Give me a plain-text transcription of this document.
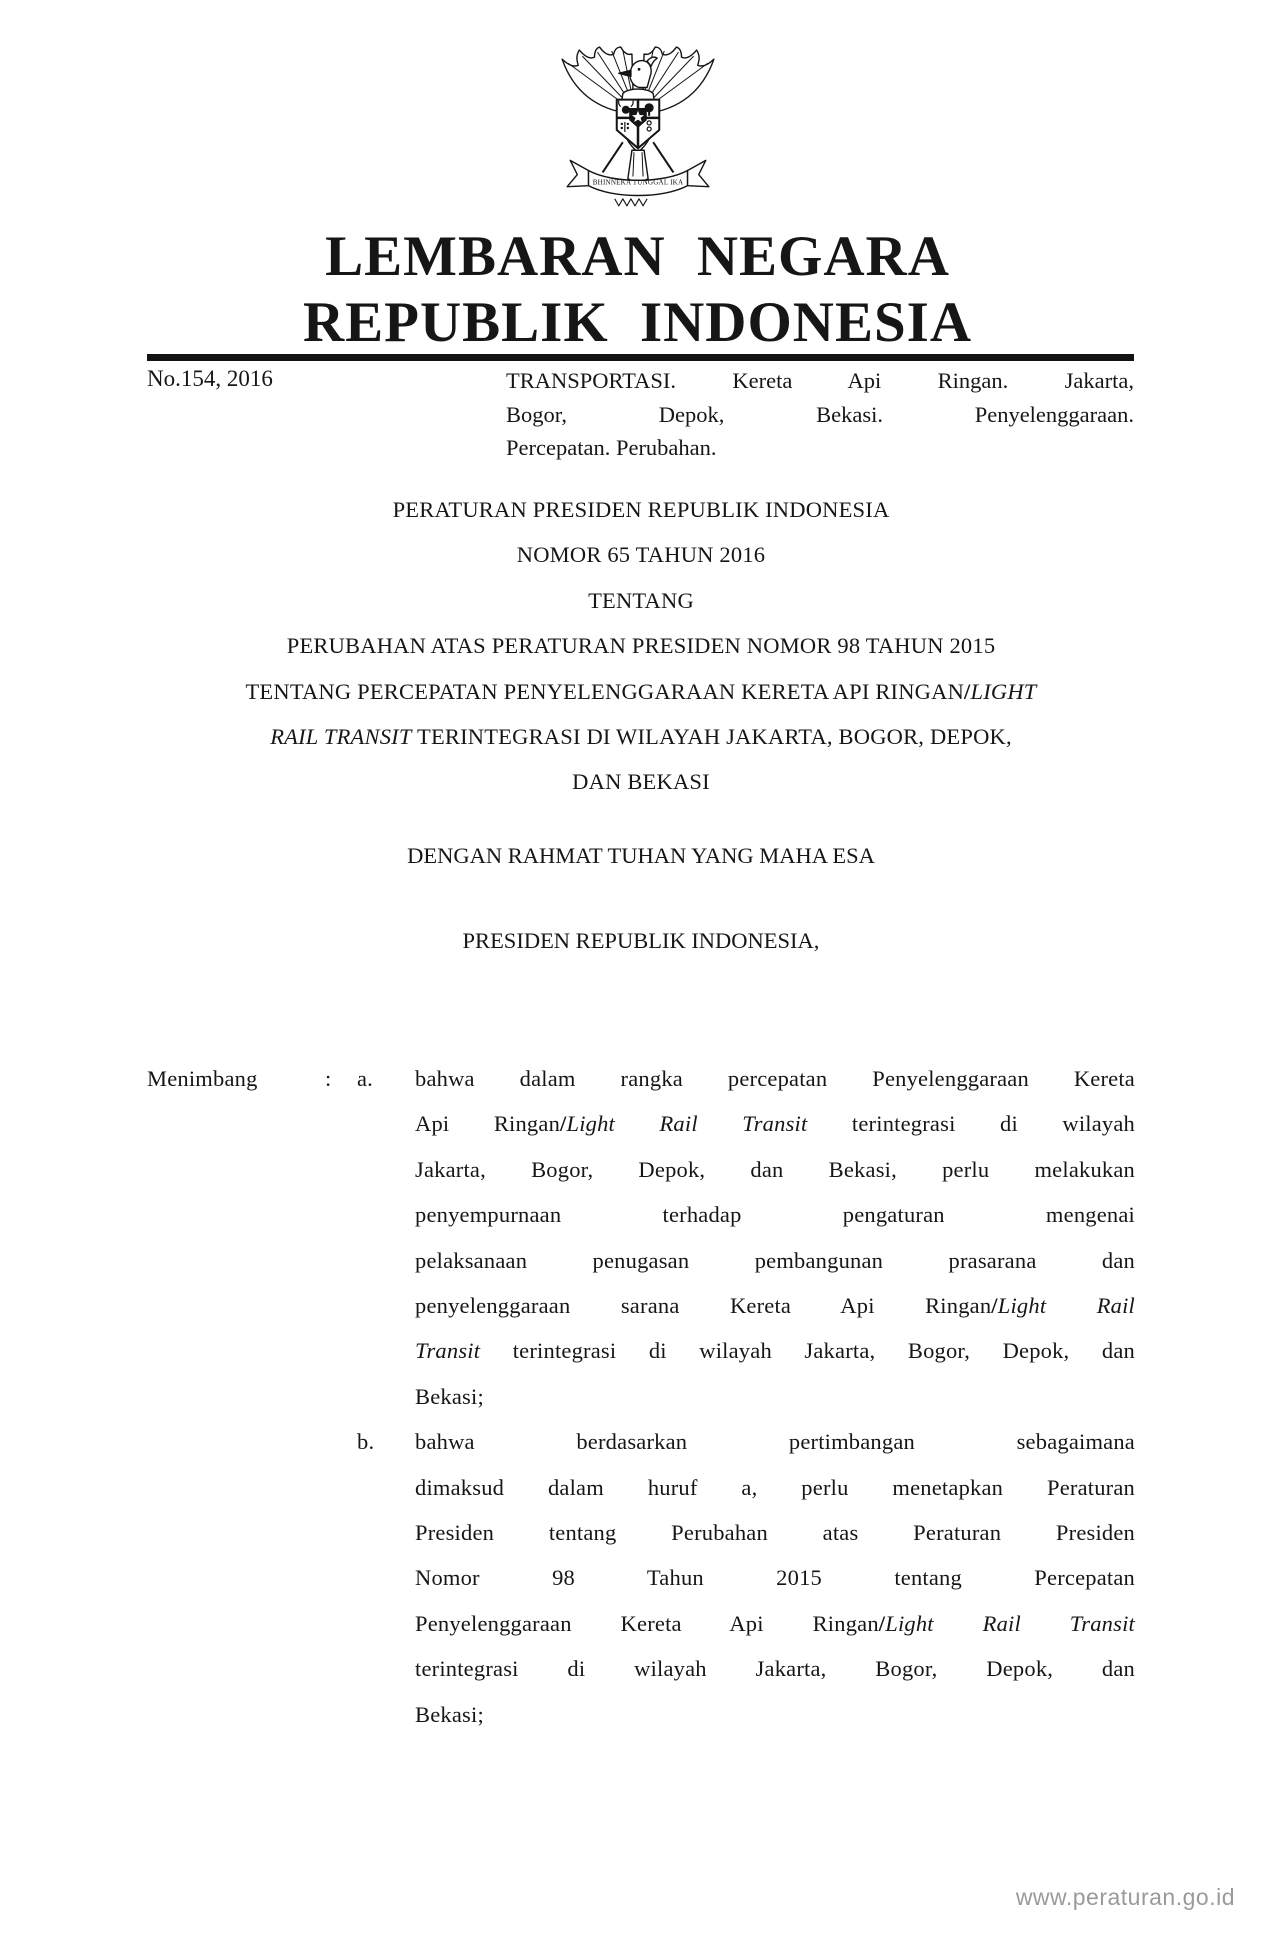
BHINNEKA TUNGGAL IKA
LEMBARAN NEGARA
REPUBLIK INDONESIA
No.154, 2016	TRANSPORTASI. Kereta Api Ringan. Jakarta,
Bogor, Depok, Bekasi. Penyelenggaraan.
Percepatan. Perubahan.
PERATURAN PRESIDEN REPUBLIK INDONESIA
NOMOR 65 TAHUN 2016
TENTANG
PERUBAHAN ATAS PERATURAN PRESIDEN NOMOR 98 TAHUN 2015
TENTANG PERCEPATAN PENYELENGGARAAN KERETA API RINGAN/LIGHT
RAIL TRANSIT TERINTEGRASI DI WILAYAH JAKARTA, BOGOR, DEPOK,
DAN BEKASI
DENGAN RAHMAT TUHAN YANG MAHA ESA
PRESIDEN REPUBLIK INDONESIA,
Menimbang	:	a.	bahwa dalam rangka percepatan Penyelenggaraan Kereta
Api Ringan/Light Rail Transit terintegrasi di wilayah
Jakarta, Bogor, Depok, dan Bekasi, perlu melakukan
penyempurnaan terhadap pengaturan mengenai
pelaksanaan penugasan pembangunan prasarana dan
penyelenggaraan sarana Kereta Api Ringan/Light Rail
Transit terintegrasi di wilayah Jakarta, Bogor, Depok, dan
Bekasi;
b.	bahwa berdasarkan pertimbangan sebagaimana
dimaksud dalam huruf a, perlu menetapkan Peraturan
Presiden tentang Perubahan atas Peraturan Presiden
Nomor 98 Tahun 2015 tentang Percepatan
Penyelenggaraan Kereta Api Ringan/Light Rail Transit
terintegrasi di wilayah Jakarta, Bogor, Depok, dan
Bekasi;
www.peraturan.go.id
